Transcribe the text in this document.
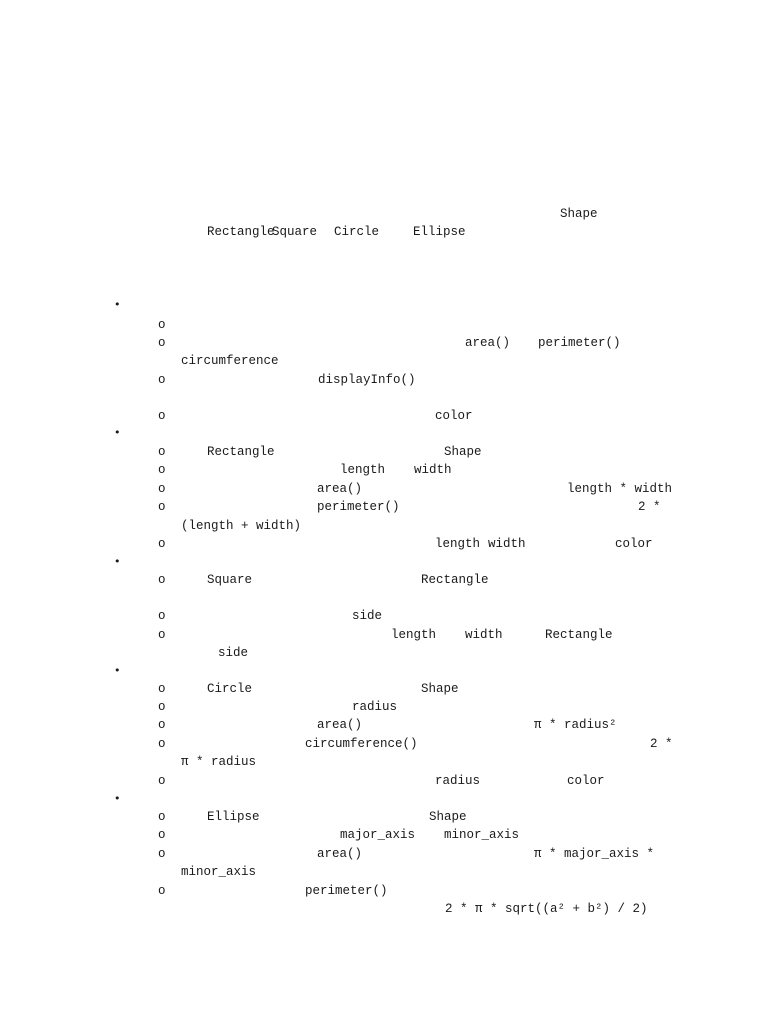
Shape
Rectangle
Square Circle	Ellipse
•
o
o	area() perimeter()
circumference
o	displayInfo()
o	color
•
o	Rectangle	Shape
o	length width
o	area()	length * width
o	perimeter()	2 *
(length + width)
o	length width	color
•
o	Square	Rectangle
o	side
o	length width	Rectangle
side
•
o	Circle	Shape
o	radius
o	area()	π * radius²
o	circumference()	2 *
π * radius
o	radius	color
•
o	Ellipse	Shape
o	major_axis minor_axis
o	area()	π * major_axis *
minor_axis
o	perimeter()
2 * π * sqrt((a² + b²) / 2)
